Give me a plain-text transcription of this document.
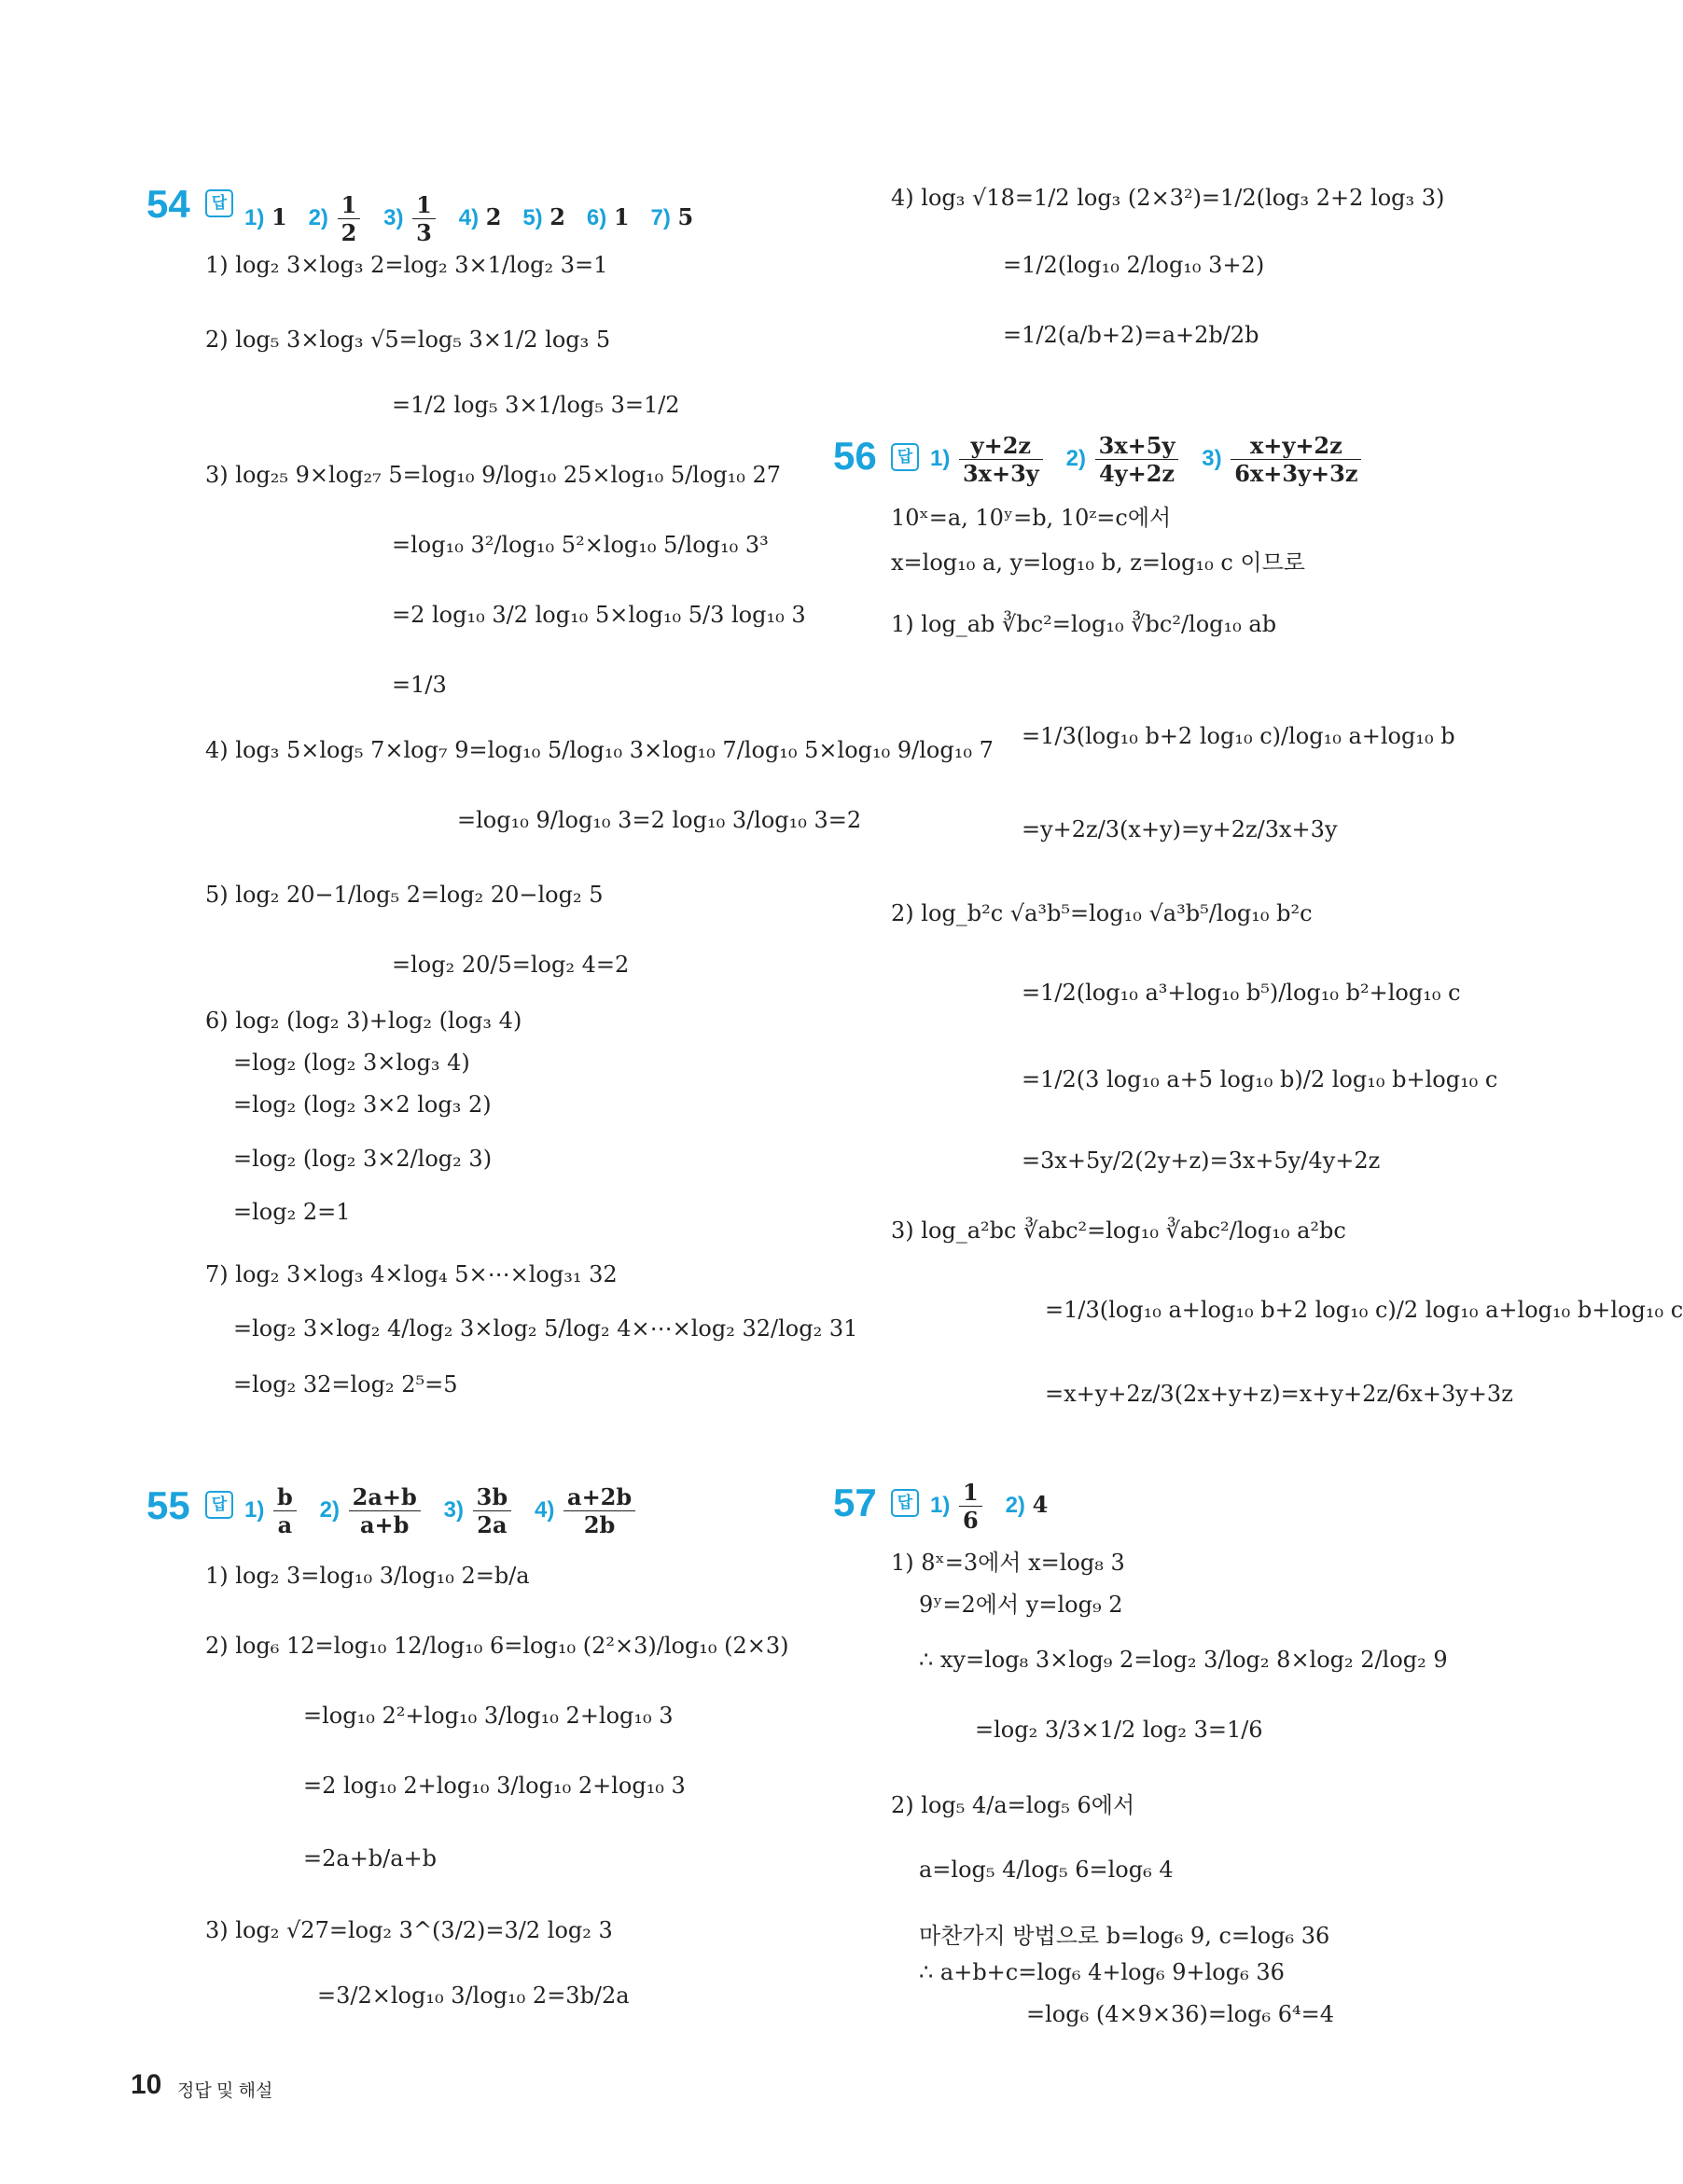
54	답
1) 1 $2) \frac{1}{2} 3) \frac{1}{3} 4$) 2 5) 2 6) 1 7) 5
1) log₂ 3×log₃ 2=log₂ 3×1/log₂ 3=1
2) log₅ 3×log₃ √5=log₅ 3×1/2 log₃ 5
=1/2 log₅ 3×1/log₅ 3=1/2
3) log₂₅ 9×log₂₇ 5=log₁₀ 9/log₁₀ 25×log₁₀ 5/log₁₀ 27
=log₁₀ 3²/log₁₀ 5²×log₁₀ 5/log₁₀ 3³
=2 log₁₀ 3/2 log₁₀ 5×log₁₀ 5/3 log₁₀ 3
=1/3
4) log₃ 5×log₅ 7×log₇ 9=log₁₀ 5/log₁₀ 3×log₁₀ 7/log₁₀ 5×log₁₀ 9/log₁₀ 7
=log₁₀ 9/log₁₀ 3=2 log₁₀ 3/log₁₀ 3=2
5) log₂ 20−1/log₅ 2=log₂ 20−log₂ 5
=log₂ 20/5=log₂ 4=2
6) log₂ (log₂ 3)+log₂ (log₃ 4)
=log₂ (log₂ 3×log₃ 4)
=log₂ (log₂ 3×2 log₃ 2)
=log₂ (log₂ 3×2/log₂ 3)
=log₂ 2=1
7) log₂ 3×log₃ 4×log₄ 5×⋯×log₃₁ 32
=log₂ 3×log₂ 4/log₂ 3×log₂ 5/log₂ 4×⋯×log₂ 32/log₂ 31
=log₂ 32=log₂ 2⁵=5
55	답 $1) \frac{b}{a} 2) \frac{2a+b}{a+b} 3) \frac{3b}{2a} 4) \frac{a+2b}{2b}$
1) log₂ 3=log₁₀ 3/log₁₀ 2=b/a
2) log₆ 12=log₁₀ 12/log₁₀ 6=log₁₀ (2²×3)/log₁₀ (2×3)
=log₁₀ 2²+log₁₀ 3/log₁₀ 2+log₁₀ 3
=2 log₁₀ 2+log₁₀ 3/log₁₀ 2+log₁₀ 3
=2a+b/a+b
3) log₂ √27=log₂ 3^(3/2)=3/2 log₂ 3
=3/2×log₁₀ 3/log₁₀ 2=3b/2a
4) log₃ √18=1/2 log₃ (2×3²)=1/2(log₃ 2+2 log₃ 3)
=1/2(log₁₀ 2/log₁₀ 3+2)
=1/2(a/b+2)=a+2b/2b
56	답 $1) \frac{y+2z}{3x+3y} 2) \frac{3x+5y}{4y+2z} 3) \frac{x+y+2z}{6x+3y+3z}$
10ˣ=a, 10ʸ=b, 10ᶻ=c에서
x=log₁₀ a, y=log₁₀ b, z=log₁₀ c 이므로
1) log_ab ∛bc²=log₁₀ ∛bc²/log₁₀ ab
=1/3(log₁₀ b+2 log₁₀ c)/log₁₀ a+log₁₀ b
=y+2z/3(x+y)=y+2z/3x+3y
2) log_b²c √a³b⁵=log₁₀ √a³b⁵/log₁₀ b²c
=1/2(log₁₀ a³+log₁₀ b⁵)/log₁₀ b²+log₁₀ c
=1/2(3 log₁₀ a+5 log₁₀ b)/2 log₁₀ b+log₁₀ c
=3x+5y/2(2y+z)=3x+5y/4y+2z
3) log_a²bc ∛abc²=log₁₀ ∛abc²/log₁₀ a²bc
=1/3(log₁₀ a+log₁₀ b+2 log₁₀ c)/2 log₁₀ a+log₁₀ b+log₁₀ c
=x+y+2z/3(2x+y+z)=x+y+2z/6x+3y+3z
57	답 $1) \frac{1}{6} 2$) 4
1) 8ˣ=3에서 x=log₈ 3
9ʸ=2에서 y=log₉ 2
∴ xy=log₈ 3×log₉ 2=log₂ 3/log₂ 8×log₂ 2/log₂ 9
=log₂ 3/3×1/2 log₂ 3=1/6
2) log₅ 4/a=log₅ 6에서
a=log₅ 4/log₅ 6=log₆ 4
마찬가지 방법으로 b=log₆ 9, c=log₆ 36
∴ a+b+c=log₆ 4+log₆ 9+log₆ 36
=log₆ (4×9×36)=log₆ 6⁴=4
10 정답 및 해설
